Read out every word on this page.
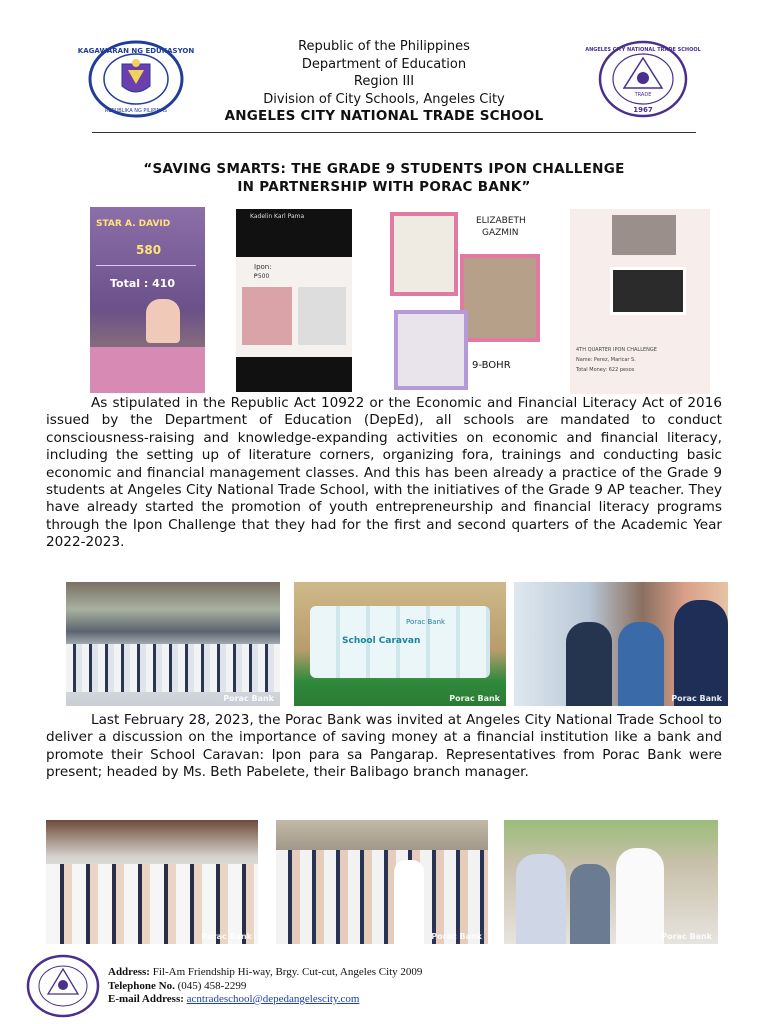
KAGAWARAN NG EDUKASYON
REPUBLIKA NG PILIPINAS
Republic of the Philippines
Department of Education
Region III
Division of City Schools, Angeles City
ANGELES CITY NATIONAL TRADE SCHOOL
ANGELES CITY NATIONAL TRADE SCHOOL
TRADE
1967
“SAVING SMARTS: THE GRADE 9 STUDENTS IPON CHALLENGE
IN PARTNERSHIP WITH PORAC BANK”
STAR A. DAVID
580
Total : 410
Kadelin Karl Pama
Ipon:
₱500
ELIZABETH
GAZMIN
9-BOHR
4TH QUARTER IPON CHALLENGE
Name: Perez, Maricar S.
Total Money: 622 pesos

As stipulated in the Republic Act 10922 or the Economic and Financial Literacy Act of 2016 issued by the Department of Education (DepEd), all schools are mandated to conduct consciousness-raising and knowledge-expanding activities on economic and financial literacy, including the setting up of literature corners, organizing fora, trainings and conducting basic economic and financial management classes. And this has been already a practice of the Grade 9 students at Angeles City National Trade School, with the initiatives of the Grade 9 AP teacher. They have already started the promotion of youth entrepreneurship and financial literacy programs through the Ipon Challenge that they had for the first and second quarters of the Academic Year 2022-2023.

Porac Bank
School Caravan
Porac Bank
Porac Bank	Porac Bank

Last February 28, 2023, the Porac Bank was invited at Angeles City National Trade School to deliver a discussion on the importance of saving money at a financial institution like a bank and promote their School Caravan: Ipon para sa Pangarap. Representatives from Porac Bank were present; headed by Ms. Beth Pabelete, their Balibago branch manager.

Porac Bank	Porac Bank	Porac Bank
Address: Fil-Am Friendship Hi-way, Brgy. Cut-cut, Angeles City 2009
Telephone No. (045) 458-2299
E-mail Address: acntradeschool@depedangelescity.com
